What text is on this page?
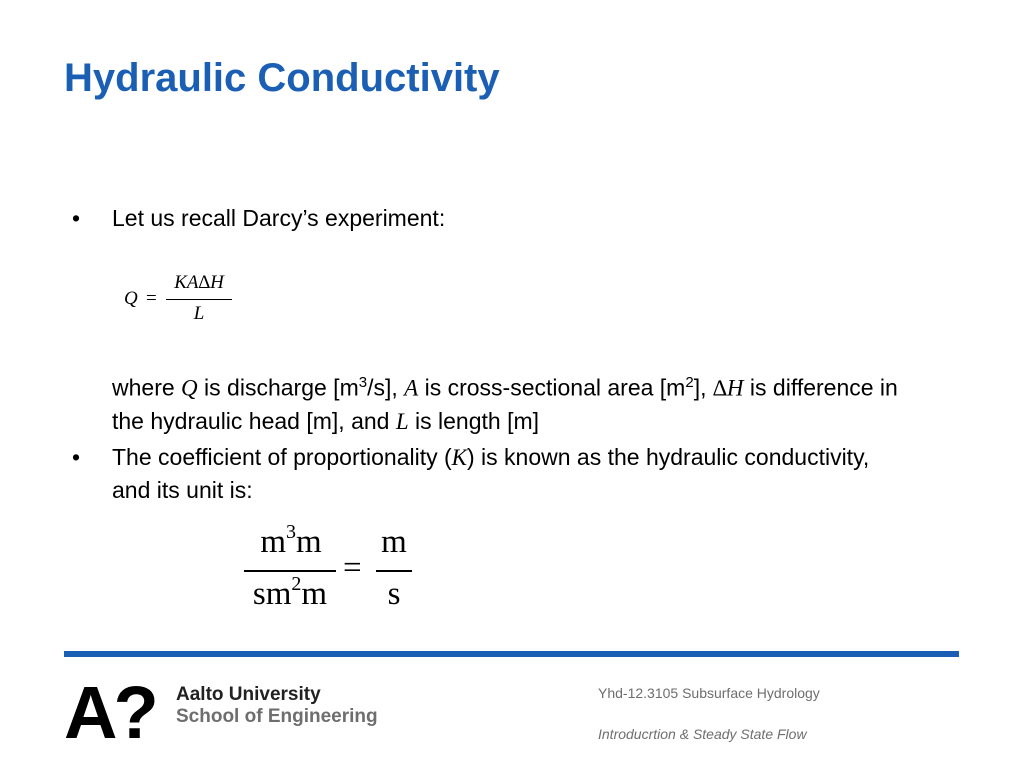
Hydraulic Conductivity
• Let us recall Darcy’s experiment:
Q =
KA∆H
L
where Q is discharge $[m^3/s]$, A is cross-sectional area $[m^2]$, ∆H is difference in the hydraulic head [m], and L is length [m]
• The coefficient of proportionality (K) is known as the hydraulic conductivity, and its unit is:
$m^3m$
$sm^2m$
=
m
s
A? Aalto University
School of Engineering
Yhd-12.3105 Subsurface Hydrology
Introducrtion & Steady State Flow
